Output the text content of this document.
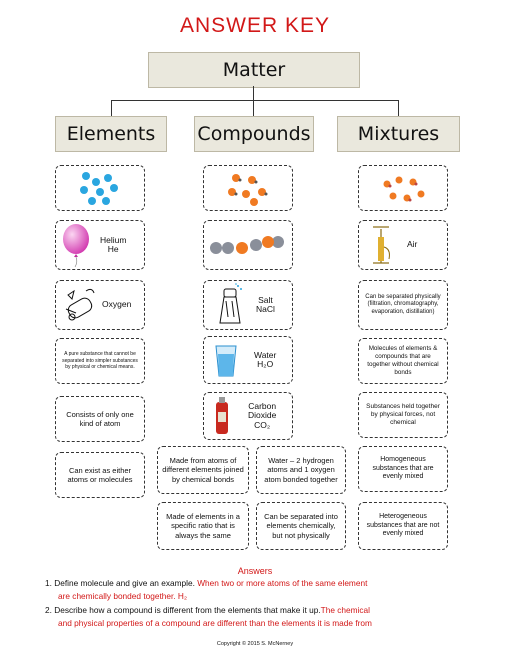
ANSWER KEY
Matter
Elements	Compounds	Mixtures
Helium
He
Oxygen
A pure substance that cannot be separated into simpler substances by physical or chemical means.
Consists of only one kind of atom
Can exist as either atoms or molecules
Salt
NaCl
Water
H₂O
Carbon
Dioxide
CO₂
Made from atoms of different elements joined by chemical bonds
Made of elements in a specific ratio that is always the same
Water – 2 hydrogen atoms and 1 oxygen atom bonded together
Can be separated into elements chemically, but not physically
Air
Can be separated physically (filtration, chromatography, evaporation, distillation)
Molecules of elements & compounds that are together without chemical bonds
Substances held together by physical forces, not chemical
Homogeneous substances that are evenly mixed
Heterogeneous substances that are not evenly mixed
Answers
1. Define molecule and give an example. When two or more atoms of the same element
are chemically bonded together. H₂
2. Describe how a compound is different from the elements that make it up.The chemical
and physical properties of a compound are different than the elements it is made from
Copyright © 2015 S. McNerney
